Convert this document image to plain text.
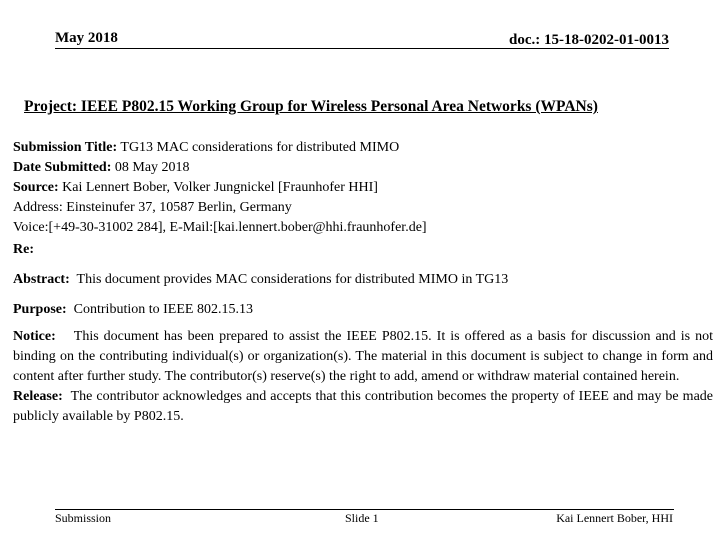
May 2018	doc.: 15-18-0202-01-0013
Project: IEEE P802.15 Working Group for Wireless Personal Area Networks (WPANs)
Submission Title: TG13 MAC considerations for distributed MIMO
Date Submitted: 08 May 2018
Source: Kai Lennert Bober, Volker Jungnickel [Fraunhofer HHI]
Address: Einsteinufer 37, 10587 Berlin, Germany
Voice:[+49-30-31002 284], E-Mail:[kai.lennert.bober@hhi.fraunhofer.de]
Re:
Abstract: This document provides MAC considerations for distributed MIMO in TG13
Purpose: Contribution to IEEE 802.15.13
Notice: This document has been prepared to assist the IEEE P802.15. It is offered as a basis for discussion and is not binding on the contributing individual(s) or organization(s). The material in this document is subject to change in form and content after further study. The contributor(s) reserve(s) the right to add, amend or withdraw material contained herein.
Release: The contributor acknowledges and accepts that this contribution becomes the property of IEEE and may be made publicly available by P802.15.
Submission	Slide 1	Kai Lennert Bober, HHI
